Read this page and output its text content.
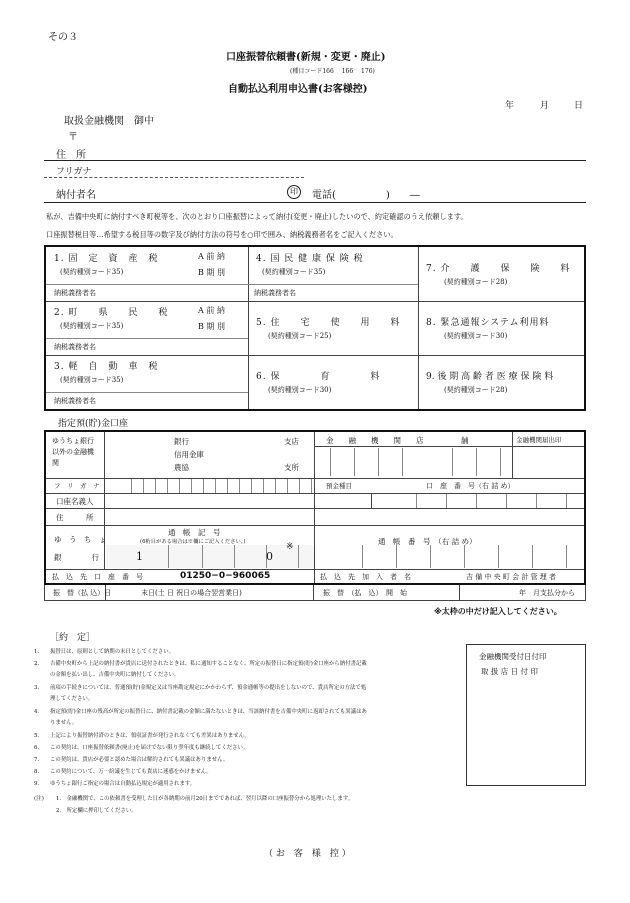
その３
口座振替依頼書(新規・変更・廃止)
(種目コード166　 166　 176)
自動払込利用申込書(お客様控)
年	月	日
取扱金融機関　御中
〒
住　所
フリガナ
納付者名	印	電話(　　　　　)　　―
私が、吉備中央町に納付すべき町税等を、次のとおり口座振替によって納付(変更・廃止)したいので、約定確認のうえ依頼します。
口座振替税目等…希望する税目等の数字及び納付方法の符号を○印で囲み、納税義務者名をご記入ください。
1. 固　定　資　産　税
(契約種別コード35)
A 前 納
B 期 別
納税義務者名
2. 町　　県　　民　　税
(契約種別コード35)
A 前 納
B 期 別
納税義務者名
3. 軽　自　動　車　税
(契約種別コード35)
納税義務者名
4. 国 民 健 康 保 険 税
(契約種別コード35)
納税義務者名
5. 住　　宅　　使　　用　　料
(契約種別コード25)
6. 保　　　　育　　　　料
(契約種別コード30)
7. 介　　護　　保　　険　　料
(契約種別コード28)
8. 緊急通報システム利用料
(契約種別コード30)
9. 後 期 高 齢 者 医 療 保 険 料
(契約種別コード28)
指定預(貯)金口座
ゆうちょ銀行
以外の金融機
関
銀行
信用金庫
農協
支店
支所
金　　融　　機　　関　　店　　　　　舗	金融機関届出印
フ　リ　ガ　ナ	預金種目	口　座　番　号（右 詰 め）
口座名義人
住　　　所
ゆ　う　ち　ょ
銀　　　　行
通　帳　記　号
(6桁目がある場合は※欄にご記入ください。)
1	0
※
通　帳　番　号　（右 詰 め）
払　込　先　口　座　番　号	01250−0−960065	払　込　先　加　入　者　名	吉 備 中 央 町 会 計 管 理 者
振　替（払 込）日	末日(土 日 祝日の場合翌営業日)	振　替　（払　込）　開　始	年　月支払分から
※太枠の中だけ記入してください。
［約　定］
1. 振替日は、原則として納期の末日としてください。
2. 吉備中央町から上記の納付書が貴店に送付されたときは、私に通知することなく、所定の振替日に指定預(貯)金口座から納付書記載
の金額を払い出し、吉備中央町に納付してください。
3. 前項の手続きについては、普通預(貯)金規定又は当座勘定規定にかかわらず、預金通帳等の提出をしないので、貴店所定の方法で処
理してください。
4. 指定預(貯)金口座の残高が所定の振替日に、納付書記載の金額に満たないときは、当該納付書を吉備中央町に返却されても異議はあ
りません。
5. 上記により振替納付済のときは、領収証書が発行されなくても差異はありません。
6. この契約は、口座振替依頼書(廃止)を届けでない限り翌年度も継続してください。
7. この契約は、貴店が必要と認めた場合は解約されても異議はありません。
8. この契約について、万一紛議を生じても貴店に迷惑をかけません。
9. ゆうちょ銀行ご指定の場合は自動払込規定が適用されます。
(注) 1.　金融機関で、この依頼書を受理した日が各納期の前月20日までであれば、翌月以降の口座振替分から処理いたします。
2.　所定欄に押印してください。
金融機関受付日付印
取 扱 店 日 付 印
（ お　客　様　控 ）
